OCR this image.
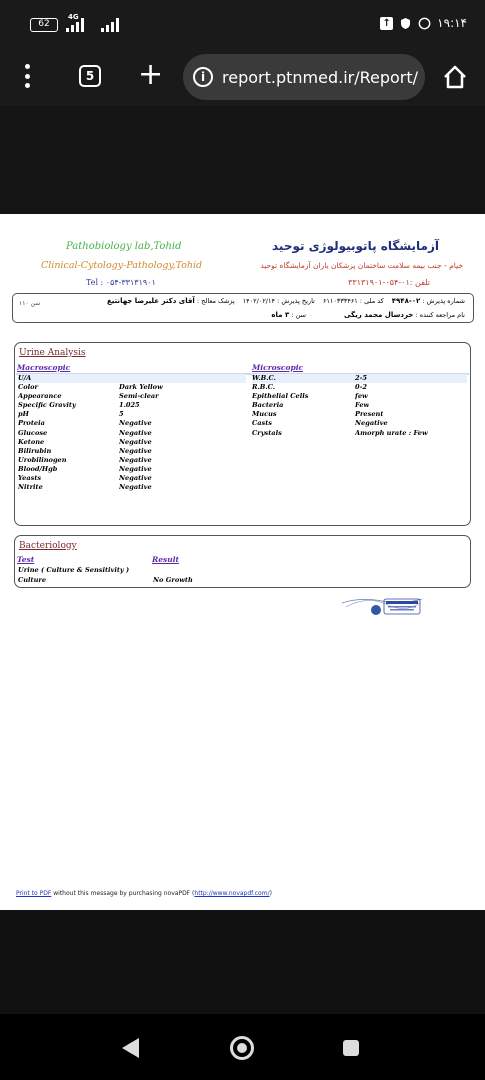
62
4G
↑	۱۹:۱۴
5 +	i	report.ptnmed.ir/Report/
Pathobiology lab,Tohid
Clinical-Cytology-Pathology,Tohid
Tel : ۰۵۴-۳۳۱۳۱۹۰۱
آزمایشگاه پاتوبیولوژی توحید
خیام - جنب بیمه سلامت ساختمان پزشکان باران آزمایشگاه توحید
تلفن :۰۱-۰۵۴-۳۳۱۳۱۹۰۱
شماره پذیرش : ۰۲-۴۹۴۸
کد ملی : ۶۱۱۰۳۳۳۴۶۱
تاریخ پذیرش : ۱۴۰۲/۰۲/۱۴
پزشک معالج : آقای دکتر علیرضا جهانتیغ
نام مراجعه کننده : خردسال محمد ریگی
سن : ۳ ماه
سن ۱۱۰
Urine Analysis
Macroscopic	Microscopic
U/A
Color	Dark Yellow
Appearance	Semi-clear
Specific Gravity	1.025
pH	5
Proteia	Negative
Glucose	Negative
Ketone	Negative
Bilirubin	Negative
Urobilinogen	Negative
Blood/Hgb	Negative
Yeasts	Negative
Nitrite	Negative
W.B.C.	2-5
R.B.C.	0-2
Epithelial Cells	few
Bacteria	Few
Mucus	Present
Casts	Negative
Crystals	Amorph urate : Few
Bacteriology
Test	Result
Urine ( Culture & Sensitivity )
Culture	No Growth
Print to PDF without this message by purchasing novaPDF (http://www.novapdf.com/)
